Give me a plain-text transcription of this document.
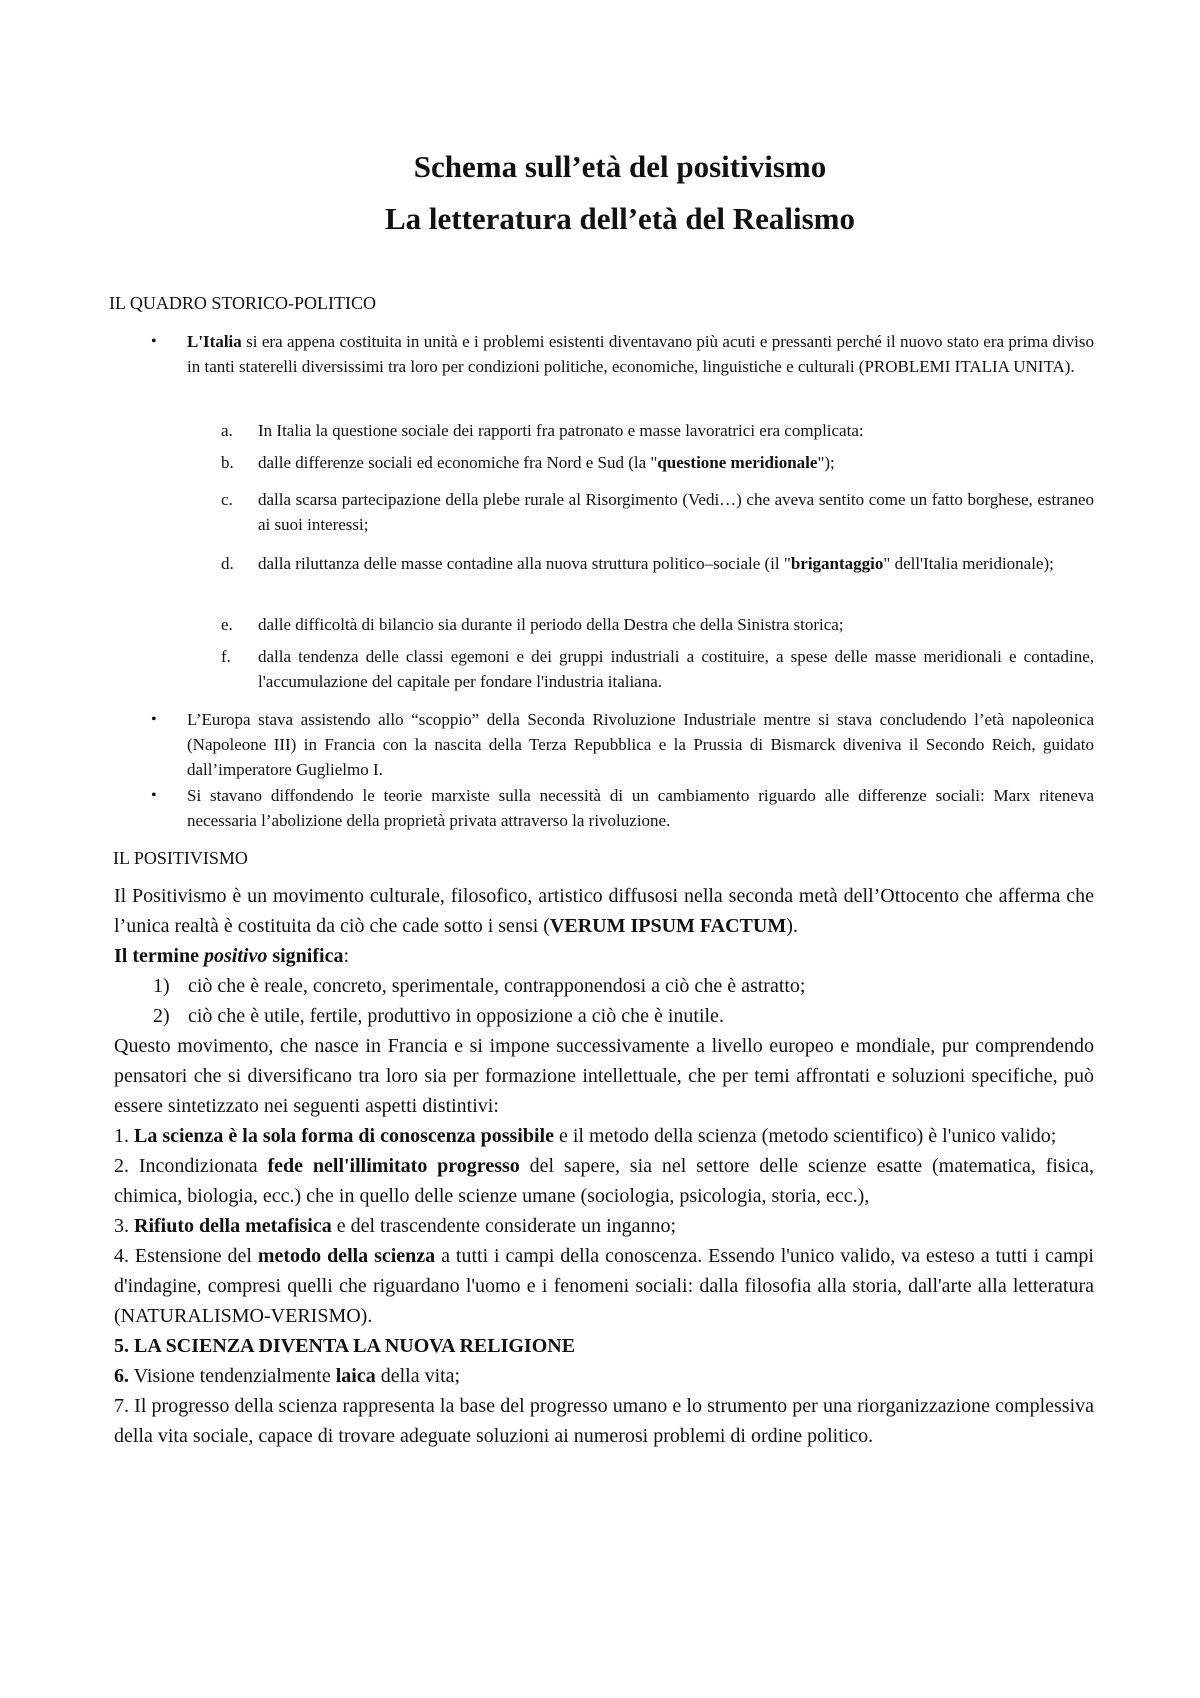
Schema sull’età del positivismo
La letteratura dell’età del Realismo
IL QUADRO STORICO-POLITICO
•	L'Italia si era appena costituita in unità e i problemi esistenti diventavano più acuti e pressanti perché il nuovo stato era prima diviso in tanti staterelli diversissimi tra loro per condizioni politiche, economiche, linguistiche e culturali (PROBLEMI ITALIA UNITA).
a.	In Italia la questione sociale dei rapporti fra patronato e masse lavoratrici era complicata:
b.	dalle differenze sociali ed economiche fra Nord e Sud (la "questione meridionale");
c.	dalla scarsa partecipazione della plebe rurale al Risorgimento (Vedi…) che aveva sentito come un fatto borghese, estraneo ai suoi interessi;
d.	dalla riluttanza delle masse contadine alla nuova struttura politico–sociale (il "brigantaggio" dell'Italia meridionale);
e.	dalle difficoltà di bilancio sia durante il periodo della Destra che della Sinistra storica;
f.	dalla tendenza delle classi egemoni e dei gruppi industriali a costituire, a spese delle masse meridionali e contadine, l'accumulazione del capitale per fondare l'industria italiana.
•	L’Europa stava assistendo allo “scoppio” della Seconda Rivoluzione Industriale mentre si stava concludendo l’età napoleonica (Napoleone III) in Francia con la nascita della Terza Repubblica e la Prussia di Bismarck diveniva il Secondo Reich, guidato dall’imperatore Guglielmo I.
•	Si stavano diffondendo le teorie marxiste sulla necessità di un cambiamento riguardo alle differenze sociali: Marx riteneva necessaria l’abolizione della proprietà privata attraverso la rivoluzione.
IL POSITIVISMO

Il Positivismo è un movimento culturale, filosofico, artistico diffusosi nella seconda metà dell’Ottocento che afferma che l’unica realtà è costituita da ciò che cade sotto i sensi (VERUM IPSUM FACTUM).

Il termine positivo significa:

1) ciò che è reale, concreto, sperimentale, contrapponendosi a ciò che è astratto;
2) ciò che è utile, fertile, produttivo in opposizione a ciò che è inutile.

Questo movimento, che nasce in Francia e si impone successivamente a livello europeo e mondiale, pur comprendendo pensatori che si diversificano tra loro sia per formazione intellettuale, che per temi affrontati e soluzioni specifiche, può essere sintetizzato nei seguenti aspetti distintivi:

1. La scienza è la sola forma di conoscenza possibile e il metodo della scienza (metodo scientifico) è l'unico valido;

2. Incondizionata fede nell'illimitato progresso del sapere, sia nel settore delle scienze esatte (matematica, fisica, chimica, biologia, ecc.) che in quello delle scienze umane (sociologia, psicologia, storia, ecc.),

3. Rifiuto della metafisica e del trascendente considerate un inganno;

4. Estensione del metodo della scienza a tutti i campi della conoscenza. Essendo l'unico valido, va esteso a tutti i campi d'indagine, compresi quelli che riguardano l'uomo e i fenomeni sociali: dalla filosofia alla storia, dall'arte alla letteratura (NATURALISMO-VERISMO).

5. LA SCIENZA DIVENTA LA NUOVA RELIGIONE

6. Visione tendenzialmente laica della vita;

7. Il progresso della scienza rappresenta la base del progresso umano e lo strumento per una riorganizzazione complessiva della vita sociale, capace di trovare adeguate soluzioni ai numerosi problemi di ordine politico.
